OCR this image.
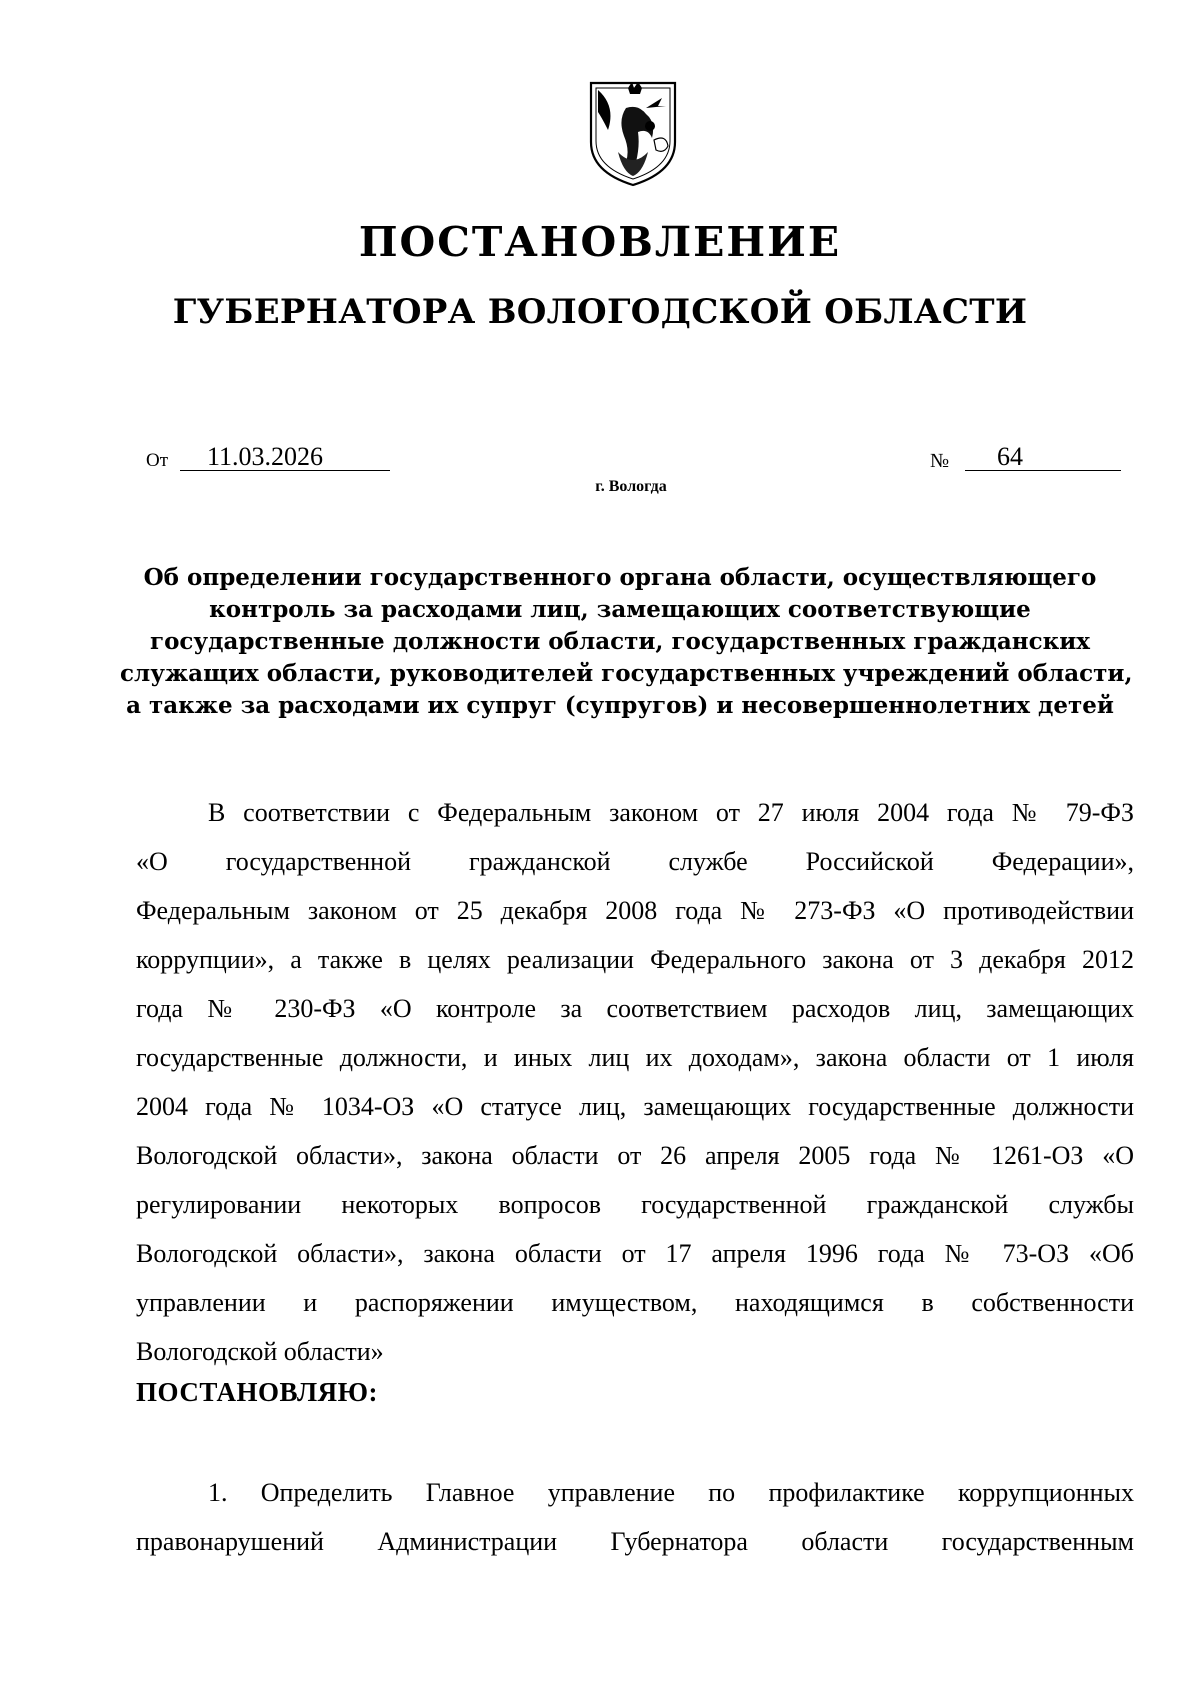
ПОСТАНОВЛЕНИЕ
ГУБЕРНАТОРА ВОЛОГОДСКОЙ ОБЛАСТИ
От	11.03.2026	№	64
г. Вологда
Об определении государственного органа области, осуществляющего
контроль за расходами лиц, замещающих соответствующие
государственные должности области, государственных гражданских
служащих области, руководителей государственных учреждений области,
а также за расходами их супруг (супругов) и несовершеннолетних детей
В соответствии с Федеральным законом от 27 июля 2004 года № 79-ФЗ
«О государственной гражданской службе Российской Федерации»,
Федеральным законом от 25 декабря 2008 года № 273-ФЗ «О противодействии
коррупции», а также в целях реализации Федерального закона от 3 декабря 2012
года № 230-ФЗ «О контроле за соответствием расходов лиц, замещающих
государственные должности, и иных лиц их доходам», закона области от 1 июля
2004 года № 1034-ОЗ «О статусе лиц, замещающих государственные должности
Вологодской области», закона области от 26 апреля 2005 года № 1261-ОЗ «О
регулировании некоторых вопросов государственной гражданской службы
Вологодской области», закона области от 17 апреля 1996 года № 73-ОЗ «Об
управлении и распоряжении имуществом, находящимся в собственности
Вологодской области»
ПОСТАНОВЛЯЮ:
1. Определить Главное управление по профилактике коррупционных
правонарушений Администрации Губернатора области государственным
